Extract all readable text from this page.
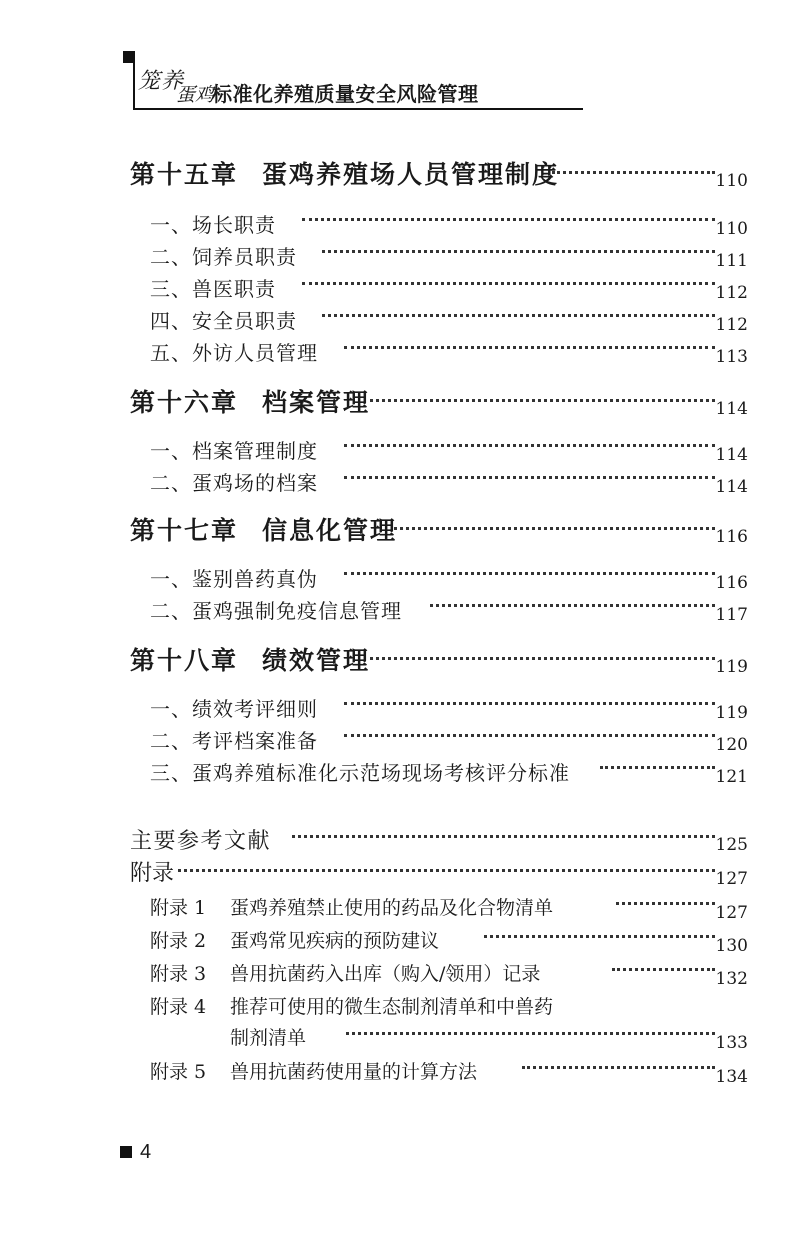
笼养
蛋鸡
标准化养殖质量安全风险管理
第十五章 蛋鸡养殖场人员管理制度	110
一、场长职责	110
二、饲养员职责	111
三、兽医职责	112
四、安全员职责	112
五、外访人员管理	113
第十六章 档案管理	114
一、档案管理制度	114
二、蛋鸡场的档案	114
第十七章 信息化管理	116
一、鉴别兽药真伪	116
二、蛋鸡强制免疫信息管理	117
第十八章 绩效管理	119
一、绩效考评细则	119
二、考评档案准备	120
三、蛋鸡养殖标准化示范场现场考核评分标准	121
主要参考文献	125
附录	127
附录 1 蛋鸡养殖禁止使用的药品及化合物清单	127
附录 2 蛋鸡常见疾病的预防建议	130
附录 3 兽用抗菌药入出库（购入/领用）记录	132
附录 4 推荐可使用的微生态制剂清单和中兽药
制剂清单	133
附录 5 兽用抗菌药使用量的计算方法	134
4
